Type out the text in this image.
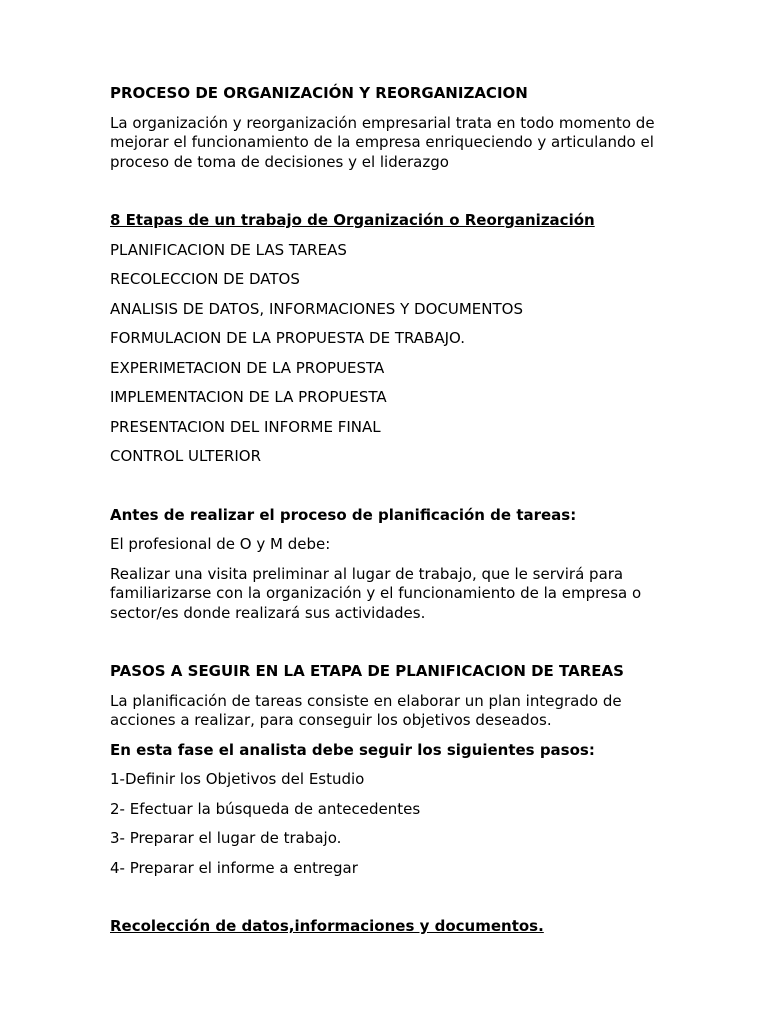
PROCESO DE ORGANIZACIÓN Y REORGANIZACION

La organización y reorganización empresarial trata en todo momento de mejorar el funcionamiento de la empresa enriqueciendo y articulando el proceso de toma de decisiones y el liderazgo

8 Etapas de un trabajo de Organización o Reorganización

PLANIFICACION DE LAS TAREAS

RECOLECCION DE DATOS

ANALISIS DE DATOS, INFORMACIONES Y DOCUMENTOS

FORMULACION DE LA PROPUESTA DE TRABAJO.

EXPERIMETACION DE LA PROPUESTA

IMPLEMENTACION DE LA PROPUESTA

PRESENTACION DEL INFORME FINAL

CONTROL ULTERIOR

Antes de realizar el proceso de planificación de tareas:

El profesional de O y M debe:

Realizar una visita preliminar al lugar de trabajo, que le servirá para familiarizarse con la organización y el funcionamiento de la empresa o sector/es donde realizará sus actividades.

PASOS A SEGUIR EN LA ETAPA DE PLANIFICACION DE TAREAS

La planificación de tareas consiste en elaborar un plan integrado de acciones a realizar, para conseguir los objetivos deseados.

En esta fase el analista debe seguir los siguientes pasos:

1-Definir los Objetivos del Estudio

2- Efectuar la búsqueda de antecedentes

3- Preparar el lugar de trabajo.

4- Preparar el informe a entregar

Recolección de datos,informaciones y documentos.
